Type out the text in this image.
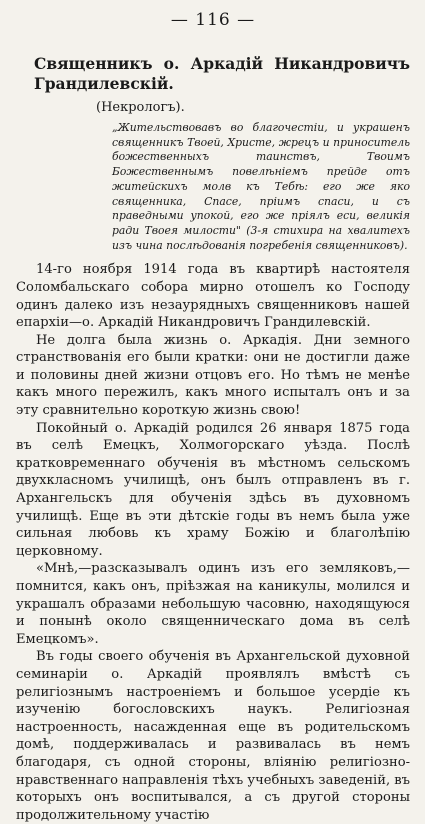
— 116 —
Священникъ о. Аркадій Никандровичъ Грандилевскій.
(Некрологъ).
„Жительствовавъ во благочестіи, и украшенъ священникъ Твоей, Христе, жрецъ и приноситель божественныхъ таинствъ, Твоимъ Божественнымъ повелѣніемъ прейде отъ житейскихъ молв къ Тебѣ: его же яко священника, Спасе, пріимъ спаси, и съ праведными упокой, его же пріялъ еси, великія ради Твоея милости" (3-я стихира на хвалитехъ изъ чина послѣдованія погребенія священниковъ).

14-го ноября 1914 года въ квартирѣ настоятеля Соломбальскаго собора мирно отошелъ ко Господу одинъ далеко изъ незаурядныхъ священниковъ нашей епархіи—о. Аркадій Никандровичъ Грандилевскій.

Не долга была жизнь о. Аркадія. Дни земного странствованія его были кратки: они не достигли даже и половины дней жизни отцовъ его. Но тѣмъ не менѣе какъ много пережилъ, какъ много испыталъ онъ и за эту сравнительно короткую жизнь свою!

Покойный о. Аркадій родился 26 января 1875 года въ селѣ Емецкъ, Холмогорскаго уѣзда. Послѣ кратковременнаго обученія въ мѣстномъ сельскомъ двухкласномъ училищѣ, онъ былъ отправленъ въ г. Архангельскъ для обученія здѣсь въ духовномъ училищѣ. Еще въ эти дѣтскіе годы въ немъ была уже сильная любовь къ храму Божію и благолѣпію церковному.

«Мнѣ,—разсказывалъ одинъ изъ его земляковъ,—помнится, какъ онъ, пріѣзжая на каникулы, молился и украшалъ образами небольшую часовню, находящуюся и понынѣ около священническаго дома въ селѣ Емецкомъ».

Въ годы своего обученія въ Архангельской духовной семинаріи о. Аркадій проявлялъ вмѣстѣ съ религіознымъ настроеніемъ и большое усердіе къ изученію богословскихъ наукъ. Религіозная настроенность, насажденная еще въ родительскомъ домѣ, поддерживалась и развивалась въ немъ благодаря, съ одной стороны, вліянію религіозно-нравственнаго направленія тѣхъ учебныхъ заведеній, въ которыхъ онъ воспитывался, а съ другой стороны продолжительному участію
